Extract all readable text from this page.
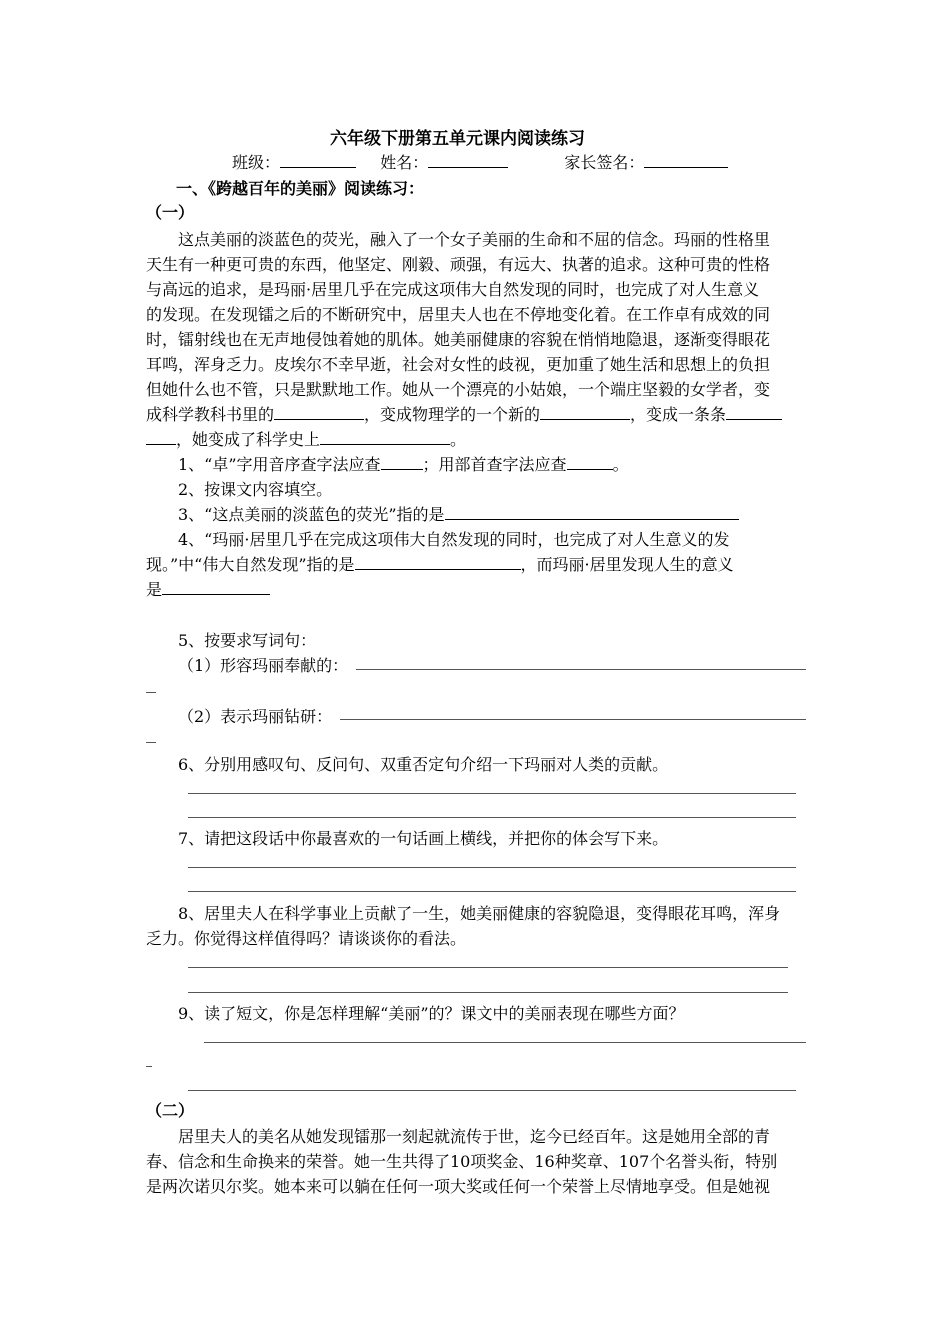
六年级下册第五单元课内阅读练习
班级：	姓名：	家长签名：
一、《跨越百年的美丽》阅读练习：
（一）
这点美丽的淡蓝色的荧光，融入了一个女子美丽的生命和不屈的信念。玛丽的性格里
天生有一种更可贵的东西，他坚定、刚毅、顽强，有远大、执著的追求。这种可贵的性格
与高远的追求，是玛丽·居里几乎在完成这项伟大自然发现的同时，也完成了对人生意义
的发现。在发现镭之后的不断研究中，居里夫人也在不停地变化着。在工作卓有成效的同
时，镭射线也在无声地侵蚀着她的肌体。她美丽健康的容貌在悄悄地隐退，逐渐变得眼花
耳鸣，浑身乏力。皮埃尔不幸早逝，社会对女性的歧视，更加重了她生活和思想上的负担
但她什么也不管，只是默默地工作。她从一个漂亮的小姑娘，一个端庄坚毅的女学者，变
成科学教科书里的	，变成物理学的一个新的	，变成一条条
，她变成了科学史上	。
1、“卓”字用音序查字法应查	；用部首查字法应查	。
2、按课文内容填空。
3、“这点美丽的淡蓝色的荧光”指的是
4、“玛丽·居里几乎在完成这项伟大自然发现的同时，也完成了对人生意义的发
现。”中“伟大自然发现”指的是	，而玛丽·居里发现人生的意义
是
5、按要求写词句：
（1）形容玛丽奉献的：
（2）表示玛丽钻研：
6、分别用感叹句、反问句、双重否定句介绍一下玛丽对人类的贡献。
7、请把这段话中你最喜欢的一句话画上横线，并把你的体会写下来。
8、居里夫人在科学事业上贡献了一生，她美丽健康的容貌隐退，变得眼花耳鸣，浑身
乏力。你觉得这样值得吗？请谈谈你的看法。
9、读了短文，你是怎样理解“美丽”的？课文中的美丽表现在哪些方面？
（二）
居里夫人的美名从她发现镭那一刻起就流传于世，迄今已经百年。这是她用全部的青
春、信念和生命换来的荣誉。她一生共得了10项奖金、16种奖章、107个名誉头衔，特别
是两次诺贝尔奖。她本来可以躺在任何一项大奖或任何一个荣誉上尽情地享受。但是她视
